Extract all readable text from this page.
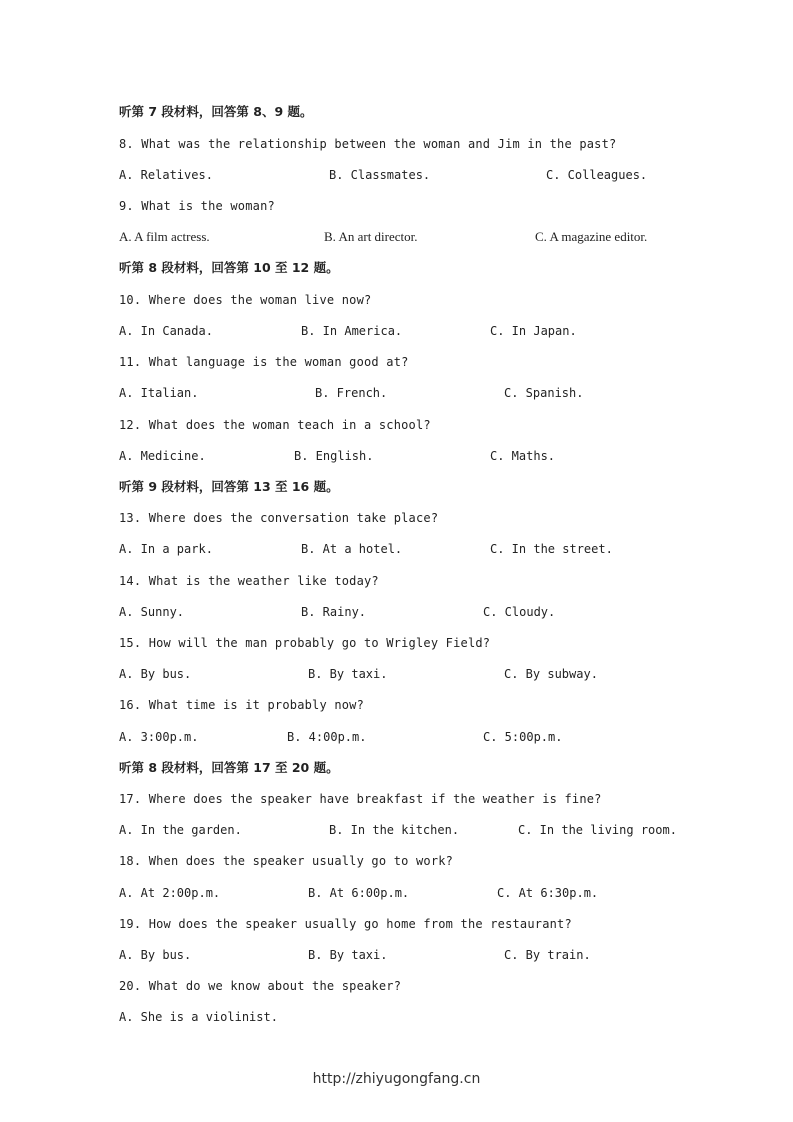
听第 7 段材料，回答第 8、9 题。
8. What was the relationship between the woman and Jim in the past?
A. Relatives.	B. Classmates.	C. Colleagues.
9. What is the woman?
A. A film actress.	B. An art director.	C. A magazine editor.
听第 8 段材料，回答第 10 至 12 题。
10. Where does the woman live now?
A. In Canada.	B. In America.	C. In Japan.
11. What language is the woman good at?
A. Italian.	B. French.	C. Spanish.
12. What does the woman teach in a school?
A. Medicine.	B. English.	C. Maths.
听第 9 段材料，回答第 13 至 16 题。
13. Where does the conversation take place?
A. In a park.	B. At a hotel.	C. In the street.
14. What is the weather like today?
A. Sunny.	B. Rainy.	C. Cloudy.
15. How will the man probably go to Wrigley Field?
A. By bus.	B. By taxi.	C. By subway.
16. What time is it probably now?
A. 3:00p.m.	B. 4:00p.m.	C. 5:00p.m.
听第 8 段材料，回答第 17 至 20 题。
17. Where does the speaker have breakfast if the weather is fine?
A. In the garden.	B. In the kitchen.	C. In the living room.
18. When does the speaker usually go to work?
A. At 2:00p.m.	B. At 6:00p.m.	C. At 6:30p.m.
19. How does the speaker usually go home from the restaurant?
A. By bus.	B. By taxi.	C. By train.
20. What do we know about the speaker?
A. She is a violinist.
http://zhiyugongfang.cn
